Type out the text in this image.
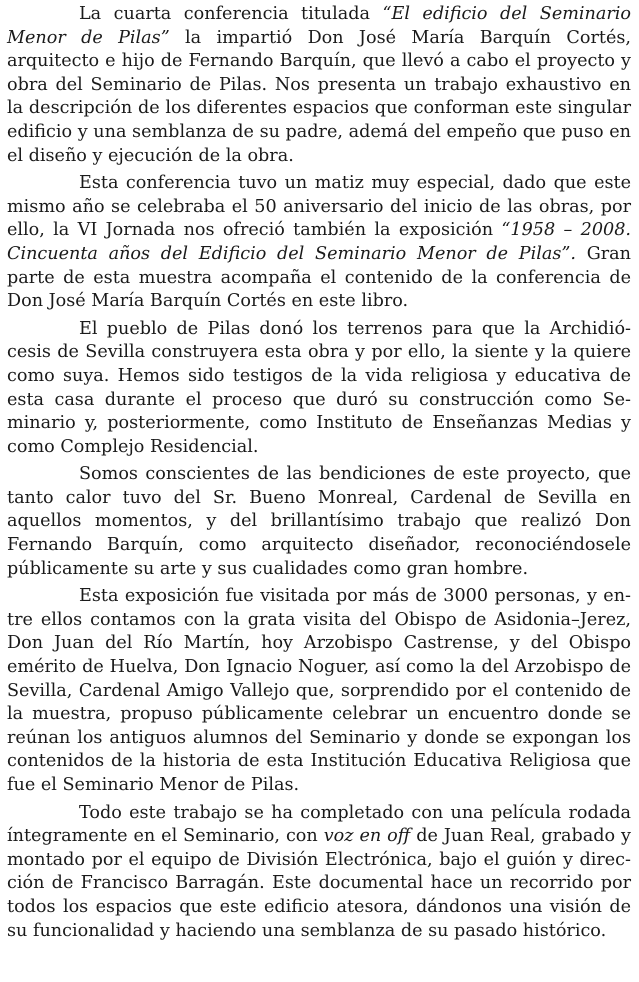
La cuarta conferencia titulada “El edificio del Seminario Menor de Pilas” la impartió Don José María Barquín Cortés, arquitecto e hijo de Fernando Barquín, que llevó a cabo el proyecto y obra del Seminario de Pilas. Nos presenta un trabajo exhaustivo en la descripción de los diferentes espacios que conforman este singular edificio y una semblanza de su padre, ademá del empeño que puso en el diseño y ejecución de la obra.

Esta conferencia tuvo un matiz muy especial, dado que este mismo año se celebraba el 50 aniversario del inicio de las obras, por ello, la VI Jornada nos ofreció también la exposición “1958 – 2008. Cincuenta años del Edificio del Seminario Menor de Pilas”. Gran parte de esta muestra acompaña el contenido de la conferencia de Don José María Barquín Cortés en este libro.

El pueblo de Pilas donó los terrenos para que la Archidiócesis de Sevilla construyera esta obra y por ello, la siente y la quiere como suya. Hemos sido testigos de la vida religiosa y educativa de esta casa durante el proceso que duró su construcción como Seminario y, posteriormente, como Instituto de Enseñanzas Medias y como Complejo Residencial.

Somos conscientes de las bendiciones de este proyecto, que tanto calor tuvo del Sr. Bueno Monreal, Cardenal de Sevilla en aquellos momentos, y del brillantísimo trabajo que realizó Don Fernando Barquín, como arquitecto diseñador, reconociéndosele públicamente su arte y sus cualidades como gran hombre.

Esta exposición fue visitada por más de 3000 personas, y entre ellos contamos con la grata visita del Obispo de Asidonia–Jerez, Don Juan del Río Martín, hoy Arzobispo Castrense, y del Obispo emérito de Huelva, Don Ignacio Noguer, así como la del Arzobispo de Sevilla, Cardenal Amigo Vallejo que, sorprendido por el contenido de la muestra, propuso públicamente celebrar un encuentro donde se reúnan los antiguos alumnos del Seminario y donde se expongan los contenidos de la historia de esta Institución Educativa Religiosa que fue el Seminario Menor de Pilas.

Todo este trabajo se ha completado con una película rodada íntegramente en el Seminario, con voz en off de Juan Real, grabado y montado por el equipo de División Electrónica, bajo el guión y dirección de Francisco Barragán. Este documental hace un recorrido por todos los espacios que este edificio atesora, dándonos una visión de su funcionalidad y haciendo una semblanza de su pasado histórico.
